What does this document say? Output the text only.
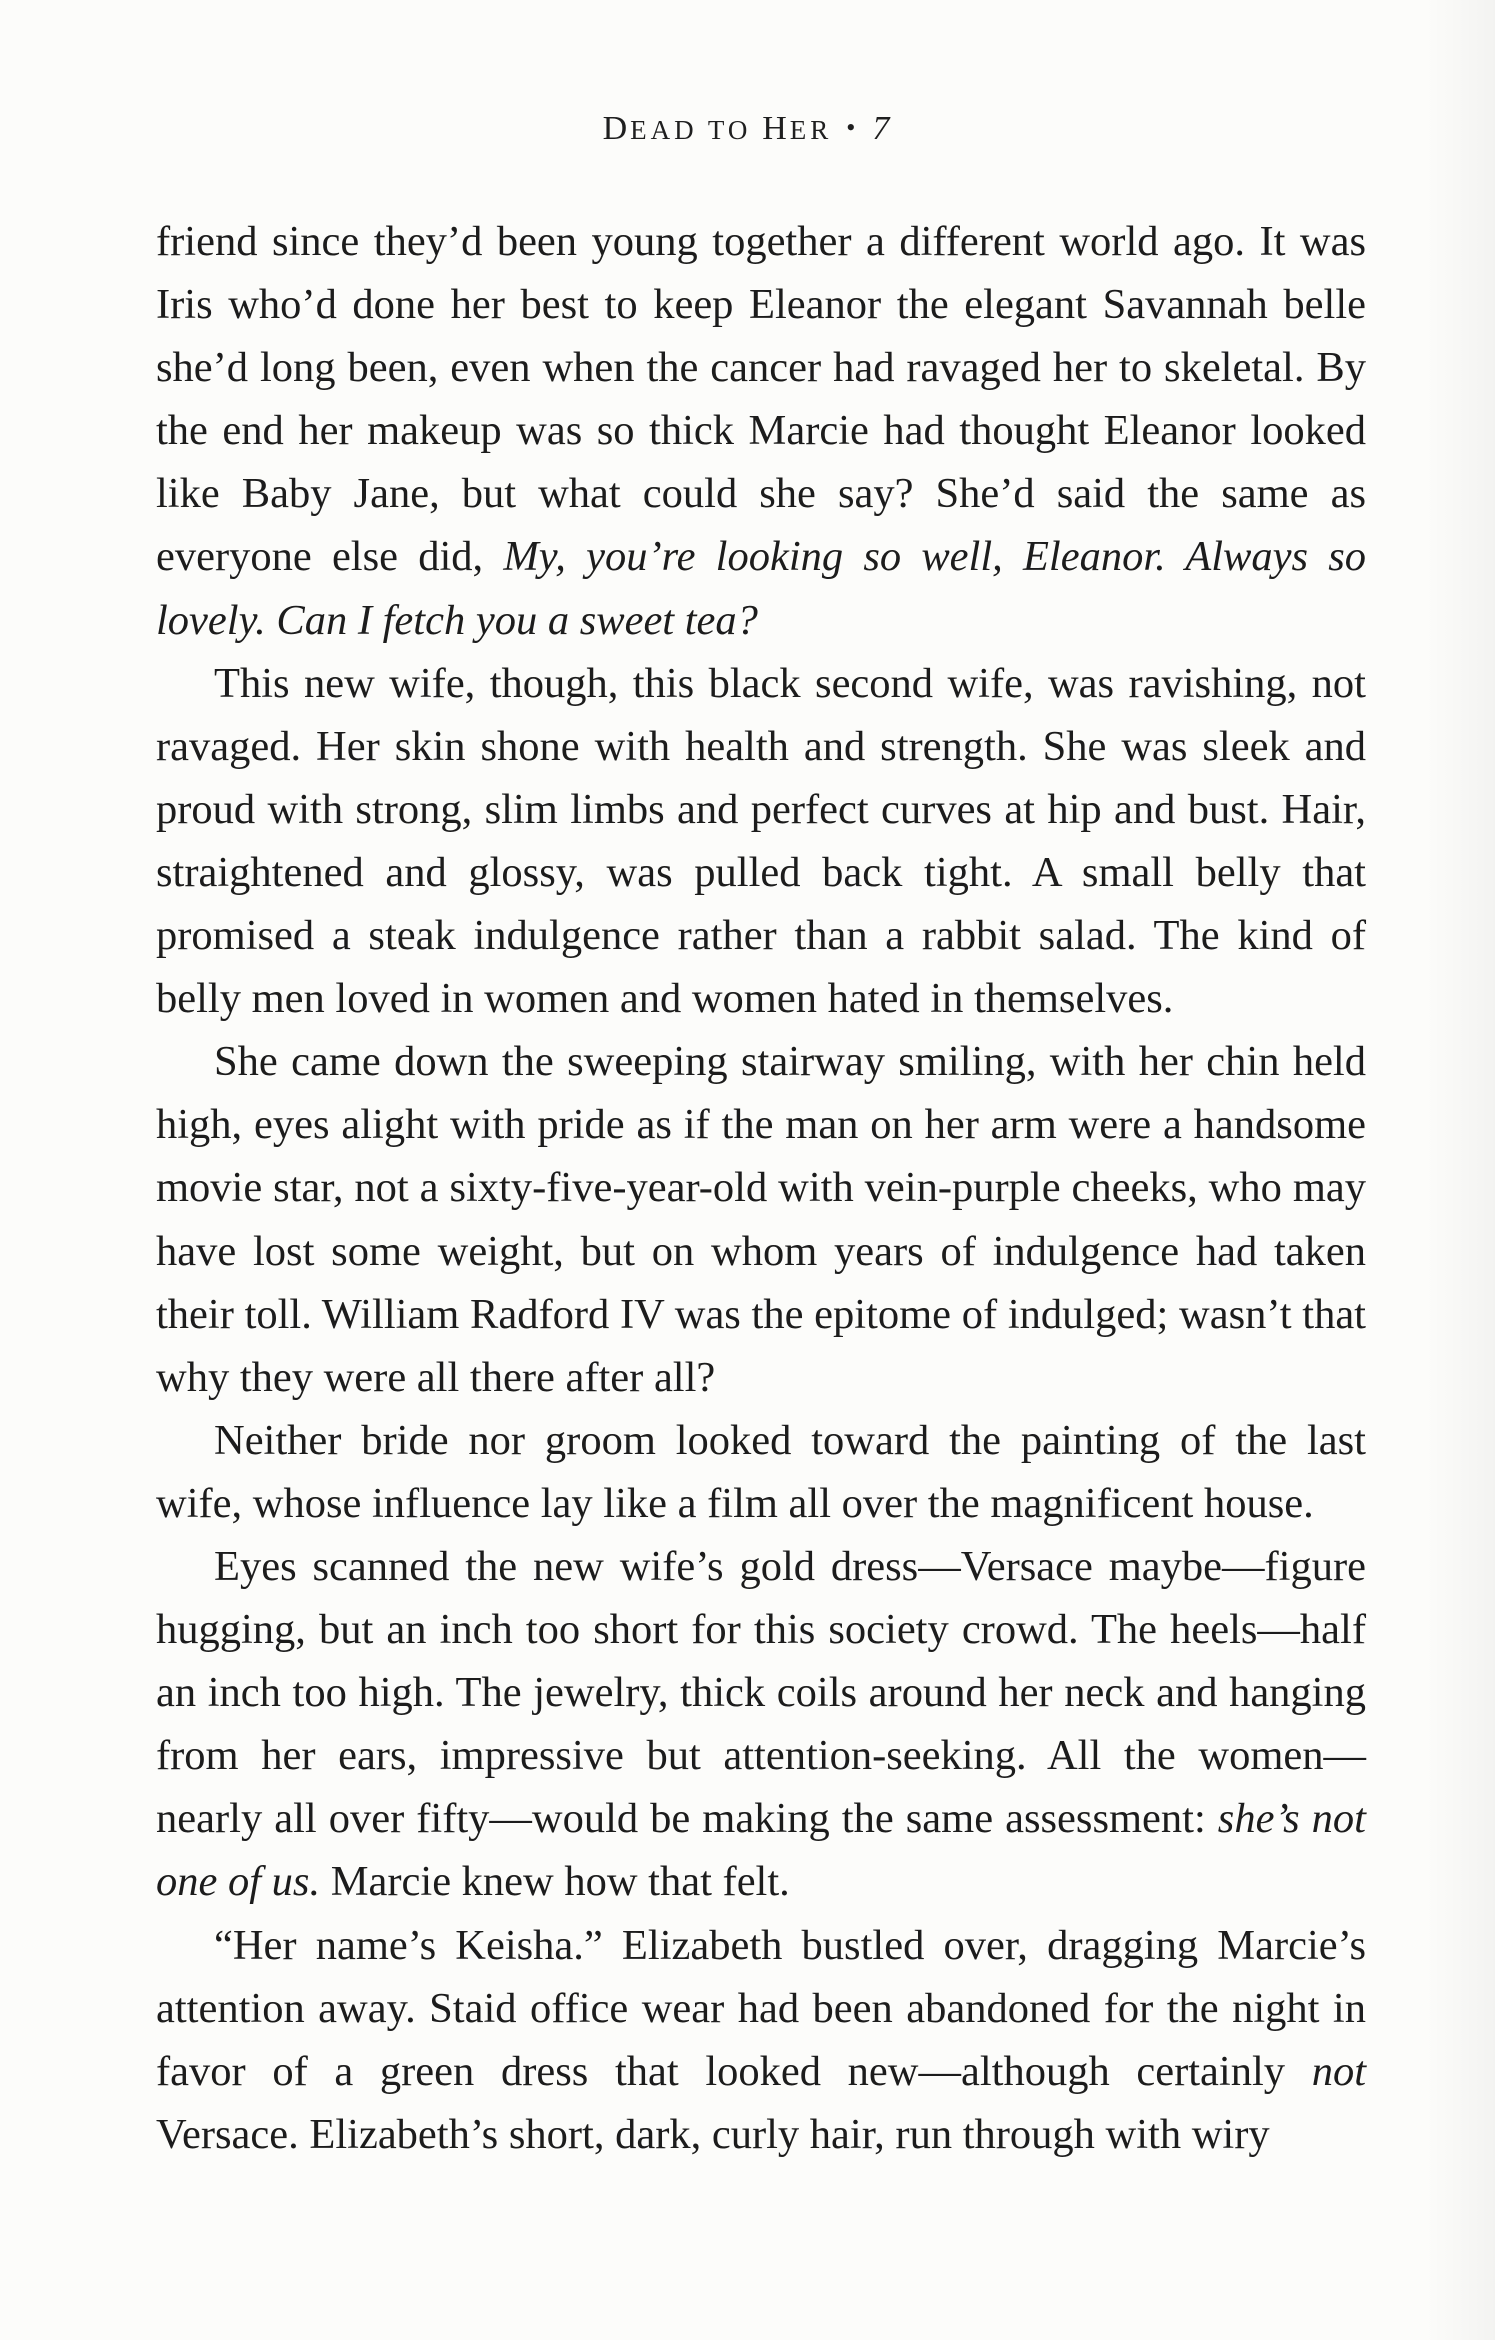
DEAD TO HER • 7

friend since they’d been young together a different world ago. It was Iris who’d done her best to keep Eleanor the elegant Savannah belle she’d long been, even when the cancer had ravaged her to skeletal. By the end her makeup was so thick Marcie had thought Eleanor looked like Baby Jane, but what could she say? She’d said the same as everyone else did, My, you’re looking so well, Eleanor. Always so lovely. Can I fetch you a sweet tea?

This new wife, though, this black second wife, was ravishing, not ravaged. Her skin shone with health and strength. She was sleek and proud with strong, slim limbs and perfect curves at hip and bust. Hair, straightened and glossy, was pulled back tight. A small belly that promised a steak indulgence rather than a rabbit salad. The kind of belly men loved in women and women hated in themselves.

She came down the sweeping stairway smiling, with her chin held high, eyes alight with pride as if the man on her arm were a handsome movie star, not a sixty-five-year-old with vein-purple cheeks, who may have lost some weight, but on whom years of indulgence had taken their toll. William Radford IV was the epitome of indulged; wasn’t that why they were all there after all?

Neither bride nor groom looked toward the painting of the last wife, whose influence lay like a film all over the magnificent house.

Eyes scanned the new wife’s gold dress—Versace maybe—figure hugging, but an inch too short for this society crowd. The heels—half an inch too high. The jewelry, thick coils around her neck and hanging from her ears, impressive but attention-seeking. All the women—nearly all over fifty—would be making the same assessment: she’s not one of us. Marcie knew how that felt.

“Her name’s Keisha.” Elizabeth bustled over, dragging Marcie’s attention away. Staid office wear had been abandoned for the night in favor of a green dress that looked new—although certainly not Versace. Elizabeth’s short, dark, curly hair, run through with wiry
